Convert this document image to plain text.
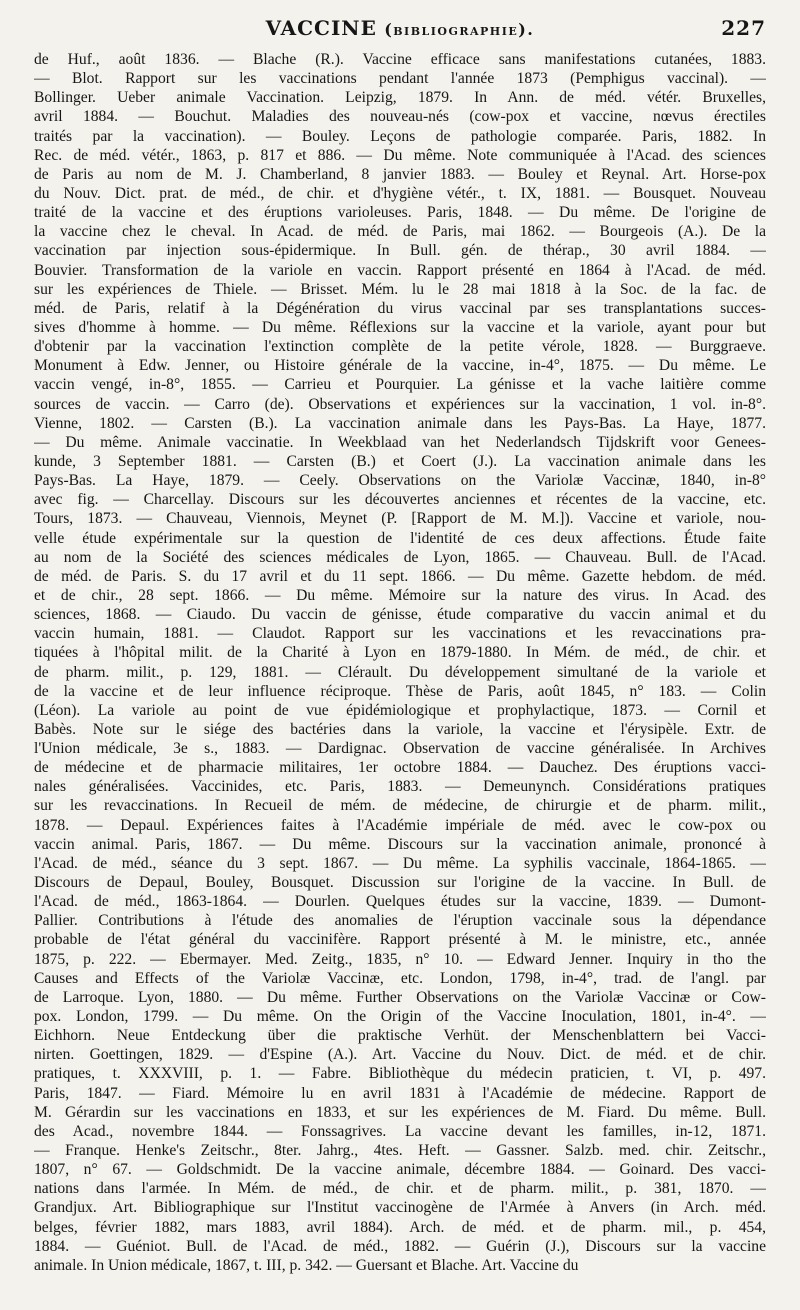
VACCINE (bibliographie).	227
de Huf., août 1836. — Blache (R.). Vaccine efficace sans manifestations cutanées, 1883.
— Blot. Rapport sur les vaccinations pendant l'année 1873 (Pemphigus vaccinal). —
Bollinger. Ueber animale Vaccination. Leipzig, 1879. In Ann. de méd. vétér. Bruxelles,
avril 1884. — Bouchut. Maladies des nouveau-nés (cow-pox et vaccine, nœvus érectiles
traités par la vaccination). — Bouley. Leçons de pathologie comparée. Paris, 1882. In
Rec. de méd. vétér., 1863, p. 817 et 886. — Du même. Note communiquée à l'Acad. des sciences
de Paris au nom de M. J. Chamberland, 8 janvier 1883. — Bouley et Reynal. Art. Horse-pox
du Nouv. Dict. prat. de méd., de chir. et d'hygiène vétér., t. IX, 1881. — Bousquet. Nouveau
traité de la vaccine et des éruptions varioleuses. Paris, 1848. — Du même. De l'origine de
la vaccine chez le cheval. In Acad. de méd. de Paris, mai 1862. — Bourgeois (A.). De la
vaccination par injection sous-épidermique. In Bull. gén. de thérap., 30 avril 1884. —
Bouvier. Transformation de la variole en vaccin. Rapport présenté en 1864 à l'Acad. de méd.
sur les expériences de Thiele. — Brisset. Mém. lu le 28 mai 1818 à la Soc. de la fac. de
méd. de Paris, relatif à la Dégénération du virus vaccinal par ses transplantations succes-
sives d'homme à homme. — Du même. Réflexions sur la vaccine et la variole, ayant pour but
d'obtenir par la vaccination l'extinction complète de la petite vérole, 1828. — Burggraeve.
Monument à Edw. Jenner, ou Histoire générale de la vaccine, in-4°, 1875. — Du même. Le
vaccin vengé, in-8°, 1855. — Carrieu et Pourquier. La génisse et la vache laitière comme
sources de vaccin. — Carro (de). Observations et expériences sur la vaccination, 1 vol. in-8°.
Vienne, 1802. — Carsten (B.). La vaccination animale dans les Pays-Bas. La Haye, 1877.
— Du même. Animale vaccinatie. In Weekblaad van het Nederlandsch Tijdskrift voor Genees-
kunde, 3 September 1881. — Carsten (B.) et Coert (J.). La vaccination animale dans les
Pays-Bas. La Haye, 1879. — Ceely. Observations on the Variolæ Vaccinæ, 1840, in-8°
avec fig. — Charcellay. Discours sur les découvertes anciennes et récentes de la vaccine, etc.
Tours, 1873. — Chauveau, Viennois, Meynet (P. [Rapport de M. M.]). Vaccine et variole, nou-
velle étude expérimentale sur la question de l'identité de ces deux affections. Étude faite
au nom de la Société des sciences médicales de Lyon, 1865. — Chauveau. Bull. de l'Acad.
de méd. de Paris. S. du 17 avril et du 11 sept. 1866. — Du même. Gazette hebdom. de méd.
et de chir., 28 sept. 1866. — Du même. Mémoire sur la nature des virus. In Acad. des
sciences, 1868. — Ciaudo. Du vaccin de génisse, étude comparative du vaccin animal et du
vaccin humain, 1881. — Claudot. Rapport sur les vaccinations et les revaccinations pra-
tiquées à l'hôpital milit. de la Charité à Lyon en 1879-1880. In Mém. de méd., de chir. et
de pharm. milit., p. 129, 1881. — Clérault. Du développement simultané de la variole et
de la vaccine et de leur influence réciproque. Thèse de Paris, août 1845, n° 183. — Colin
(Léon). La variole au point de vue épidémiologique et prophylactique, 1873. — Cornil et
Babès. Note sur le siége des bactéries dans la variole, la vaccine et l'érysipèle. Extr. de
l'Union médicale, 3e s., 1883. — Dardignac. Observation de vaccine généralisée. In Archives
de médecine et de pharmacie militaires, 1er octobre 1884. — Dauchez. Des éruptions vacci-
nales généralisées. Vaccinides, etc. Paris, 1883. — Demeunynch. Considérations pratiques
sur les revaccinations. In Recueil de mém. de médecine, de chirurgie et de pharm. milit.,
1878. — Depaul. Expériences faites à l'Académie impériale de méd. avec le cow-pox ou
vaccin animal. Paris, 1867. — Du même. Discours sur la vaccination animale, prononcé à
l'Acad. de méd., séance du 3 sept. 1867. — Du même. La syphilis vaccinale, 1864-1865. —
Discours de Depaul, Bouley, Bousquet. Discussion sur l'origine de la vaccine. In Bull. de
l'Acad. de méd., 1863-1864. — Dourlen. Quelques études sur la vaccine, 1839. — Dumont-
Pallier. Contributions à l'étude des anomalies de l'éruption vaccinale sous la dépendance
probable de l'état général du vaccinifère. Rapport présenté à M. le ministre, etc., année
1875, p. 222. — Ebermayer. Med. Zeitg., 1835, n° 10. — Edward Jenner. Inquiry in tho the
Causes and Effects of the Variolæ Vaccinæ, etc. London, 1798, in-4°, trad. de l'angl. par
de Larroque. Lyon, 1880. — Du même. Further Observations on the Variolæ Vaccinæ or Cow-
pox. London, 1799. — Du même. On the Origin of the Vaccine Inoculation, 1801, in-4°. —
Eichhorn. Neue Entdeckung über die praktische Verhüt. der Menschenblattern bei Vacci-
nirten. Goettingen, 1829. — d'Espine (A.). Art. Vaccine du Nouv. Dict. de méd. et de chir.
pratiques, t. XXXVIII, p. 1. — Fabre. Bibliothèque du médecin praticien, t. VI, p. 497.
Paris, 1847. — Fiard. Mémoire lu en avril 1831 à l'Académie de médecine. Rapport de
M. Gérardin sur les vaccinations en 1833, et sur les expériences de M. Fiard. Du même. Bull.
des Acad., novembre 1844. — Fonssagrives. La vaccine devant les familles, in-12, 1871.
— Franque. Henke's Zeitschr., 8ter. Jahrg., 4tes. Heft. — Gassner. Salzb. med. chir. Zeitschr.,
1807, n° 67. — Goldschmidt. De la vaccine animale, décembre 1884. — Goinard. Des vacci-
nations dans l'armée. In Mém. de méd., de chir. et de pharm. milit., p. 381, 1870. —
Grandjux. Art. Bibliographique sur l'Institut vaccinogène de l'Armée à Anvers (in Arch. méd.
belges, février 1882, mars 1883, avril 1884). Arch. de méd. et de pharm. mil., p. 454,
1884. — Guéniot. Bull. de l'Acad. de méd., 1882. — Guérin (J.), Discours sur la vaccine
animale. In Union médicale, 1867, t. III, p. 342. — Guersant et Blache. Art. Vaccine du
